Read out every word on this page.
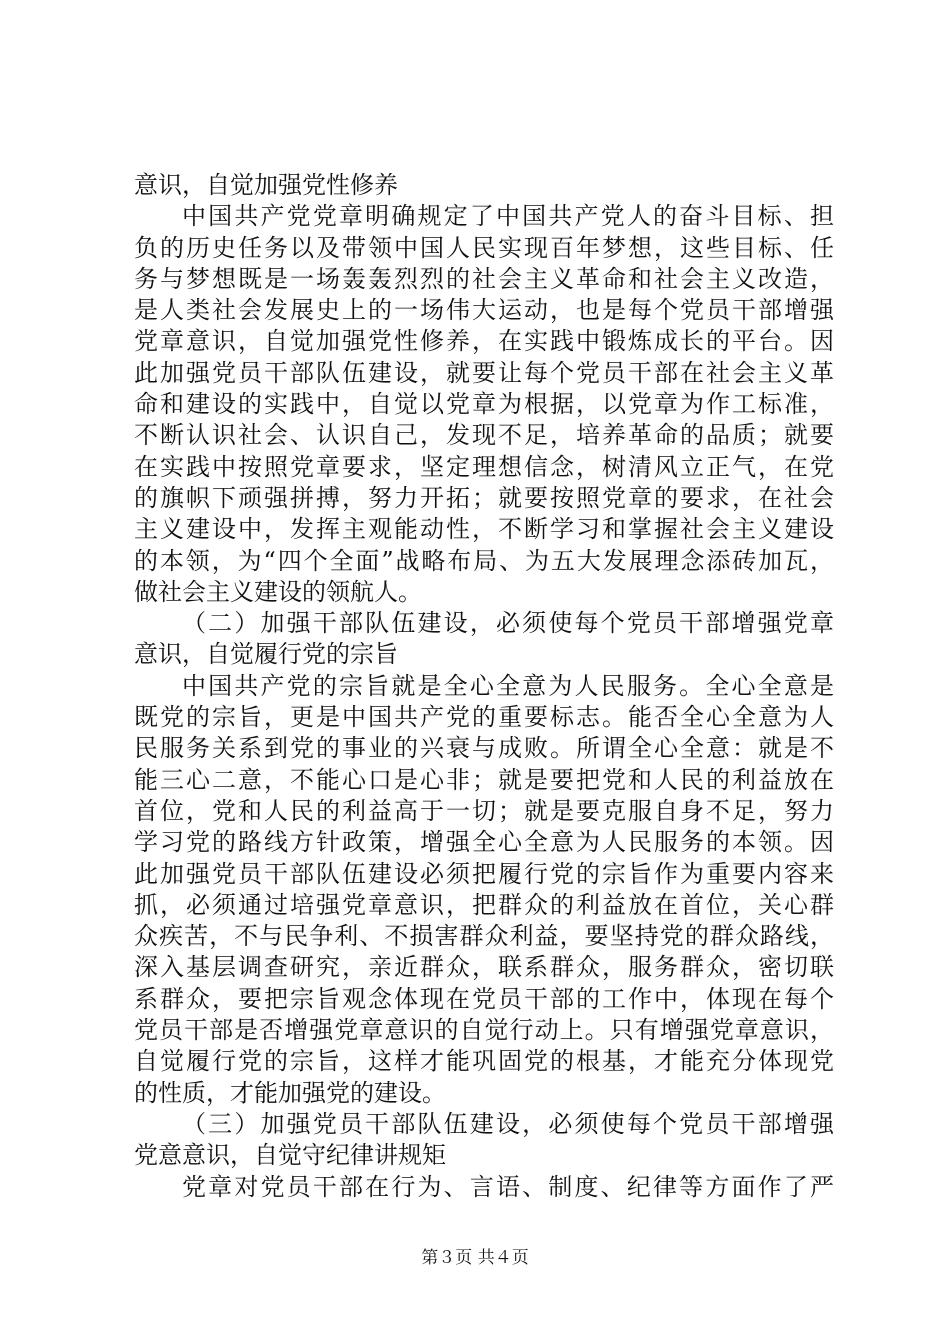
意识，自觉加强党性修养
中国共产党党章明确规定了中国共产党人的奋斗目标、担
负的历史任务以及带领中国人民实现百年梦想，这些目标、任
务与梦想既是一场轰轰烈烈的社会主义革命和社会主义改造，
是人类社会发展史上的一场伟大运动，也是每个党员干部增强
党章意识，自觉加强党性修养，在实践中锻炼成长的平台。因
此加强党员干部队伍建设，就要让每个党员干部在社会主义革
命和建设的实践中，自觉以党章为根据，以党章为作工标准，
不断认识社会、认识自己，发现不足，培养革命的品质；就要
在实践中按照党章要求，坚定理想信念，树清风立正气，在党
的旗帜下顽强拼搏，努力开拓；就要按照党章的要求，在社会
主义建设中，发挥主观能动性，不断学习和掌握社会主义建设
的本领，为“四个全面”战略布局、为五大发展理念添砖加瓦，
做社会主义建设的领航人。
（二）加强干部队伍建设，必须使每个党员干部增强党章
意识，自觉履行党的宗旨
中国共产党的宗旨就是全心全意为人民服务。全心全意是
既党的宗旨，更是中国共产党的重要标志。能否全心全意为人
民服务关系到党的事业的兴衰与成败。所谓全心全意：就是不
能三心二意，不能心口是心非；就是要把党和人民的利益放在
首位，党和人民的利益高于一切；就是要克服自身不足，努力
学习党的路线方针政策，增强全心全意为人民服务的本领。因
此加强党员干部队伍建设必须把履行党的宗旨作为重要内容来
抓，必须通过培强党章意识，把群众的利益放在首位，关心群
众疾苦，不与民争利、不损害群众利益，要坚持党的群众路线，
深入基层调查研究，亲近群众，联系群众，服务群众，密切联
系群众，要把宗旨观念体现在党员干部的工作中，体现在每个
党员干部是否增强党章意识的自觉行动上。只有增强党章意识，
自觉履行党的宗旨，这样才能巩固党的根基，才能充分体现党
的性质，才能加强党的建设。
（三）加强党员干部队伍建设，必须使每个党员干部增强
党意意识，自觉守纪律讲规矩
党章对党员干部在行为、言语、制度、纪律等方面作了严
第３页 共４页
